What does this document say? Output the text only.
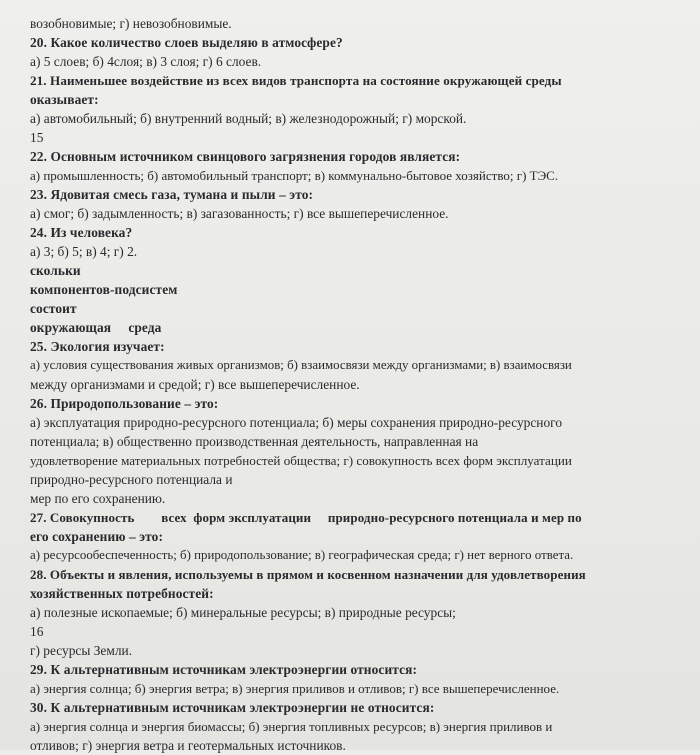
возобновимые; г) невозобновимые.

20. Какое количество слоев выделяю в атмосфере?

а) 5 слоев; б) 4слоя; в) 3 слоя; г) 6 слоев.

21. Наименьшее воздействие из всех видов транспорта на состояние окружающей среды

оказывает:

а) автомобильный; б) внутренний водный; в) железнодорожный; г) морской.

15

22. Основным источником свинцового загрязнения городов является:

а) промышленность; б) автомобильный транспорт; в) коммунально-бытовое хозяйство; г) ТЭС.

23. Ядовитая смесь газа, тумана и пыли – это:

а) смог; б) задымленность; в) загазованность; г) все вышеперечисленное.

24. Из человека?

а) 3; б) 5; в) 4; г) 2.

скольки

компонентов-подсистем

состоит

окружающая     среда

25. Экология изучает:

а) условия существования живых организмов; б) взаимосвязи между организмами; в) взаимосвязи

между организмами и средой; г) все вышеперечисленное.

26. Природопользование – это:

а) эксплуатация природно-ресурсного потенциала; б) меры сохранения природно-ресурсного

потенциала; в) общественно производственная деятельность, направленная на

удовлетворение материальных потребностей общества; г) совокупность всех форм эксплуатации

природно-ресурсного потенциала и

мер по его сохранению.

27. Совокупность        всех  форм эксплуатации     природно-ресурсного потенциала и мер по

его сохранению – это:

а) ресурсообеспеченность; б) природопользование; в) географическая среда; г) нет верного ответа.

28. Объекты и явления, используемы в прямом и косвенном назначении для удовлетворения

хозяйственных потребностей:

а) полезные ископаемые; б) минеральные ресурсы; в) природные ресурсы;

16

г) ресурсы Земли.

29. К альтернативным источникам электроэнергии относится:

а) энергия солнца; б) энергия ветра; в) энергия приливов и отливов; г) все вышеперечисленное.

30. К альтернативным источникам электроэнергии не относится:

а) энергия солнца и энергия биомассы; б) энергия топливных ресурсов; в) энергия приливов и

отливов; г) энергия ветра и геотермальных источников.
